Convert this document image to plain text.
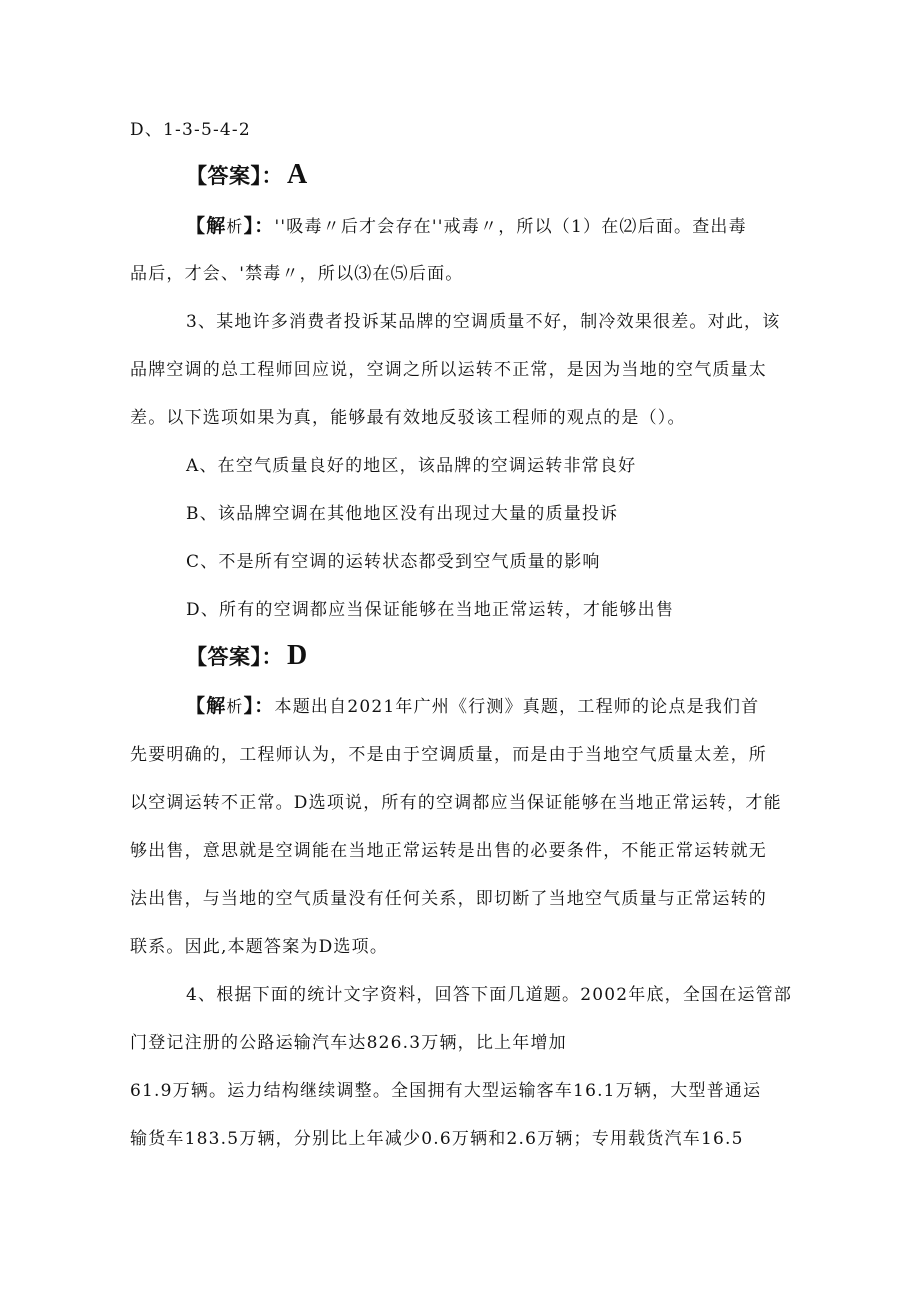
D、1-3-5-4-2
【答案】： A
【解析】：''吸毒〃后才会存在''戒毒〃，所以（1）在⑵后面。查出毒
品后，才会、'禁毒〃，所以⑶在⑸后面。
3、某地许多消费者投诉某品牌的空调质量不好，制冷效果很差。对此，该
品牌空调的总工程师回应说，空调之所以运转不正常，是因为当地的空气质量太
差。以下选项如果为真，能够最有效地反驳该工程师的观点的是（）。
A、在空气质量良好的地区，该品牌的空调运转非常良好
B、该品牌空调在其他地区没有出现过大量的质量投诉
C、不是所有空调的运转状态都受到空气质量的影响
D、所有的空调都应当保证能够在当地正常运转，才能够出售
【答案】： D
【解析】：本题出自2021年广州《行测》真题，工程师的论点是我们首
先要明确的，工程师认为，不是由于空调质量，而是由于当地空气质量太差，所
以空调运转不正常。D选项说，所有的空调都应当保证能够在当地正常运转，才能
够出售，意思就是空调能在当地正常运转是出售的必要条件，不能正常运转就无
法出售，与当地的空气质量没有任何关系，即切断了当地空气质量与正常运转的
联系。因此,本题答案为D选项。
4、根据下面的统计文字资料，回答下面几道题。2002年底，全国在运管部
门登记注册的公路运输汽车达826.3万辆，比上年增加
61.9万辆。运力结构继续调整。全国拥有大型运输客车16.1万辆，大型普通运
输货车183.5万辆，分别比上年减少0.6万辆和2.6万辆；专用载货汽车16.5
